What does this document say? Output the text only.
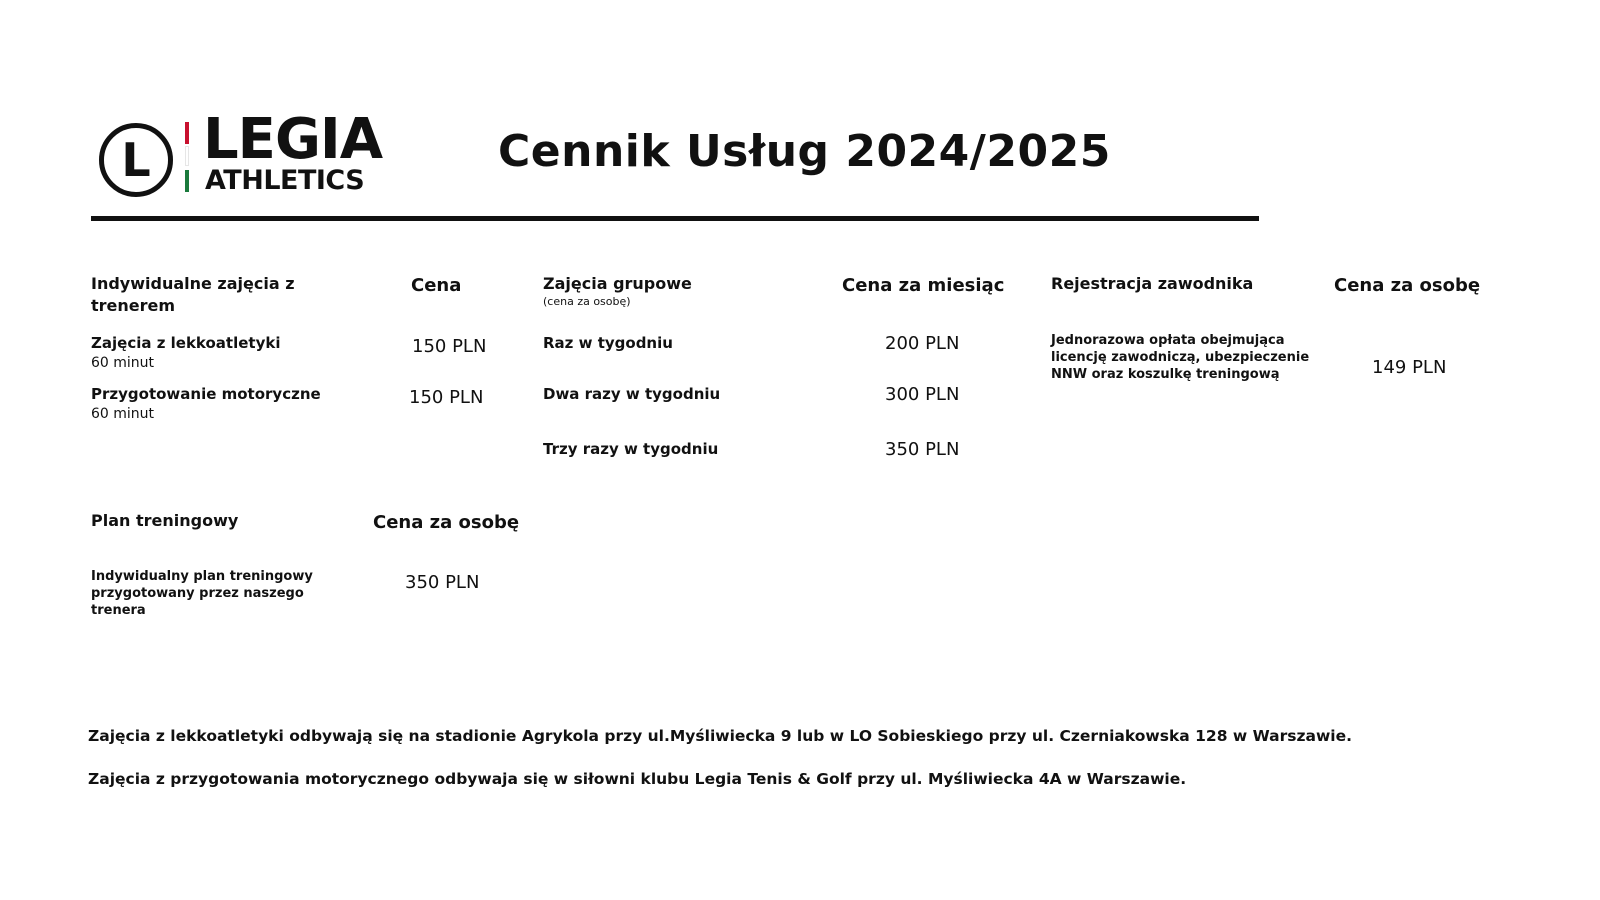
L LEGIA
ATHLETICS
Cennik Usług 2024/2025
Indywidualne zajęcia z trenerem
Cena
Zajęcia z lekkoatletyki
60 minut
150 PLN
Przygotowanie motoryczne
60 minut
150 PLN
Zajęcia grupowe
(cena za osobę)
Cena za miesiąc
Raz w tygodniu	200 PLN
Dwa razy w tygodniu	300 PLN
Trzy razy w tygodniu	350 PLN
Rejestracja zawodnika	Cena za osobę
Jednorazowa opłata obejmująca licencję zawodniczą, ubezpieczenie NNW oraz koszulkę treningową	149 PLN
Plan treningowy	Cena za osobę
Indywidualny plan treningowy przygotowany przez naszego trenera
350 PLN
Zajęcia z lekkoatletyki odbywają się na stadionie Agrykola przy ul.Myśliwiecka 9 lub w LO Sobieskiego przy ul. Czerniakowska 128 w Warszawie.
Zajęcia z przygotowania motorycznego odbywaja się w siłowni klubu Legia Tenis & Golf przy ul. Myśliwiecka 4A w Warszawie.
